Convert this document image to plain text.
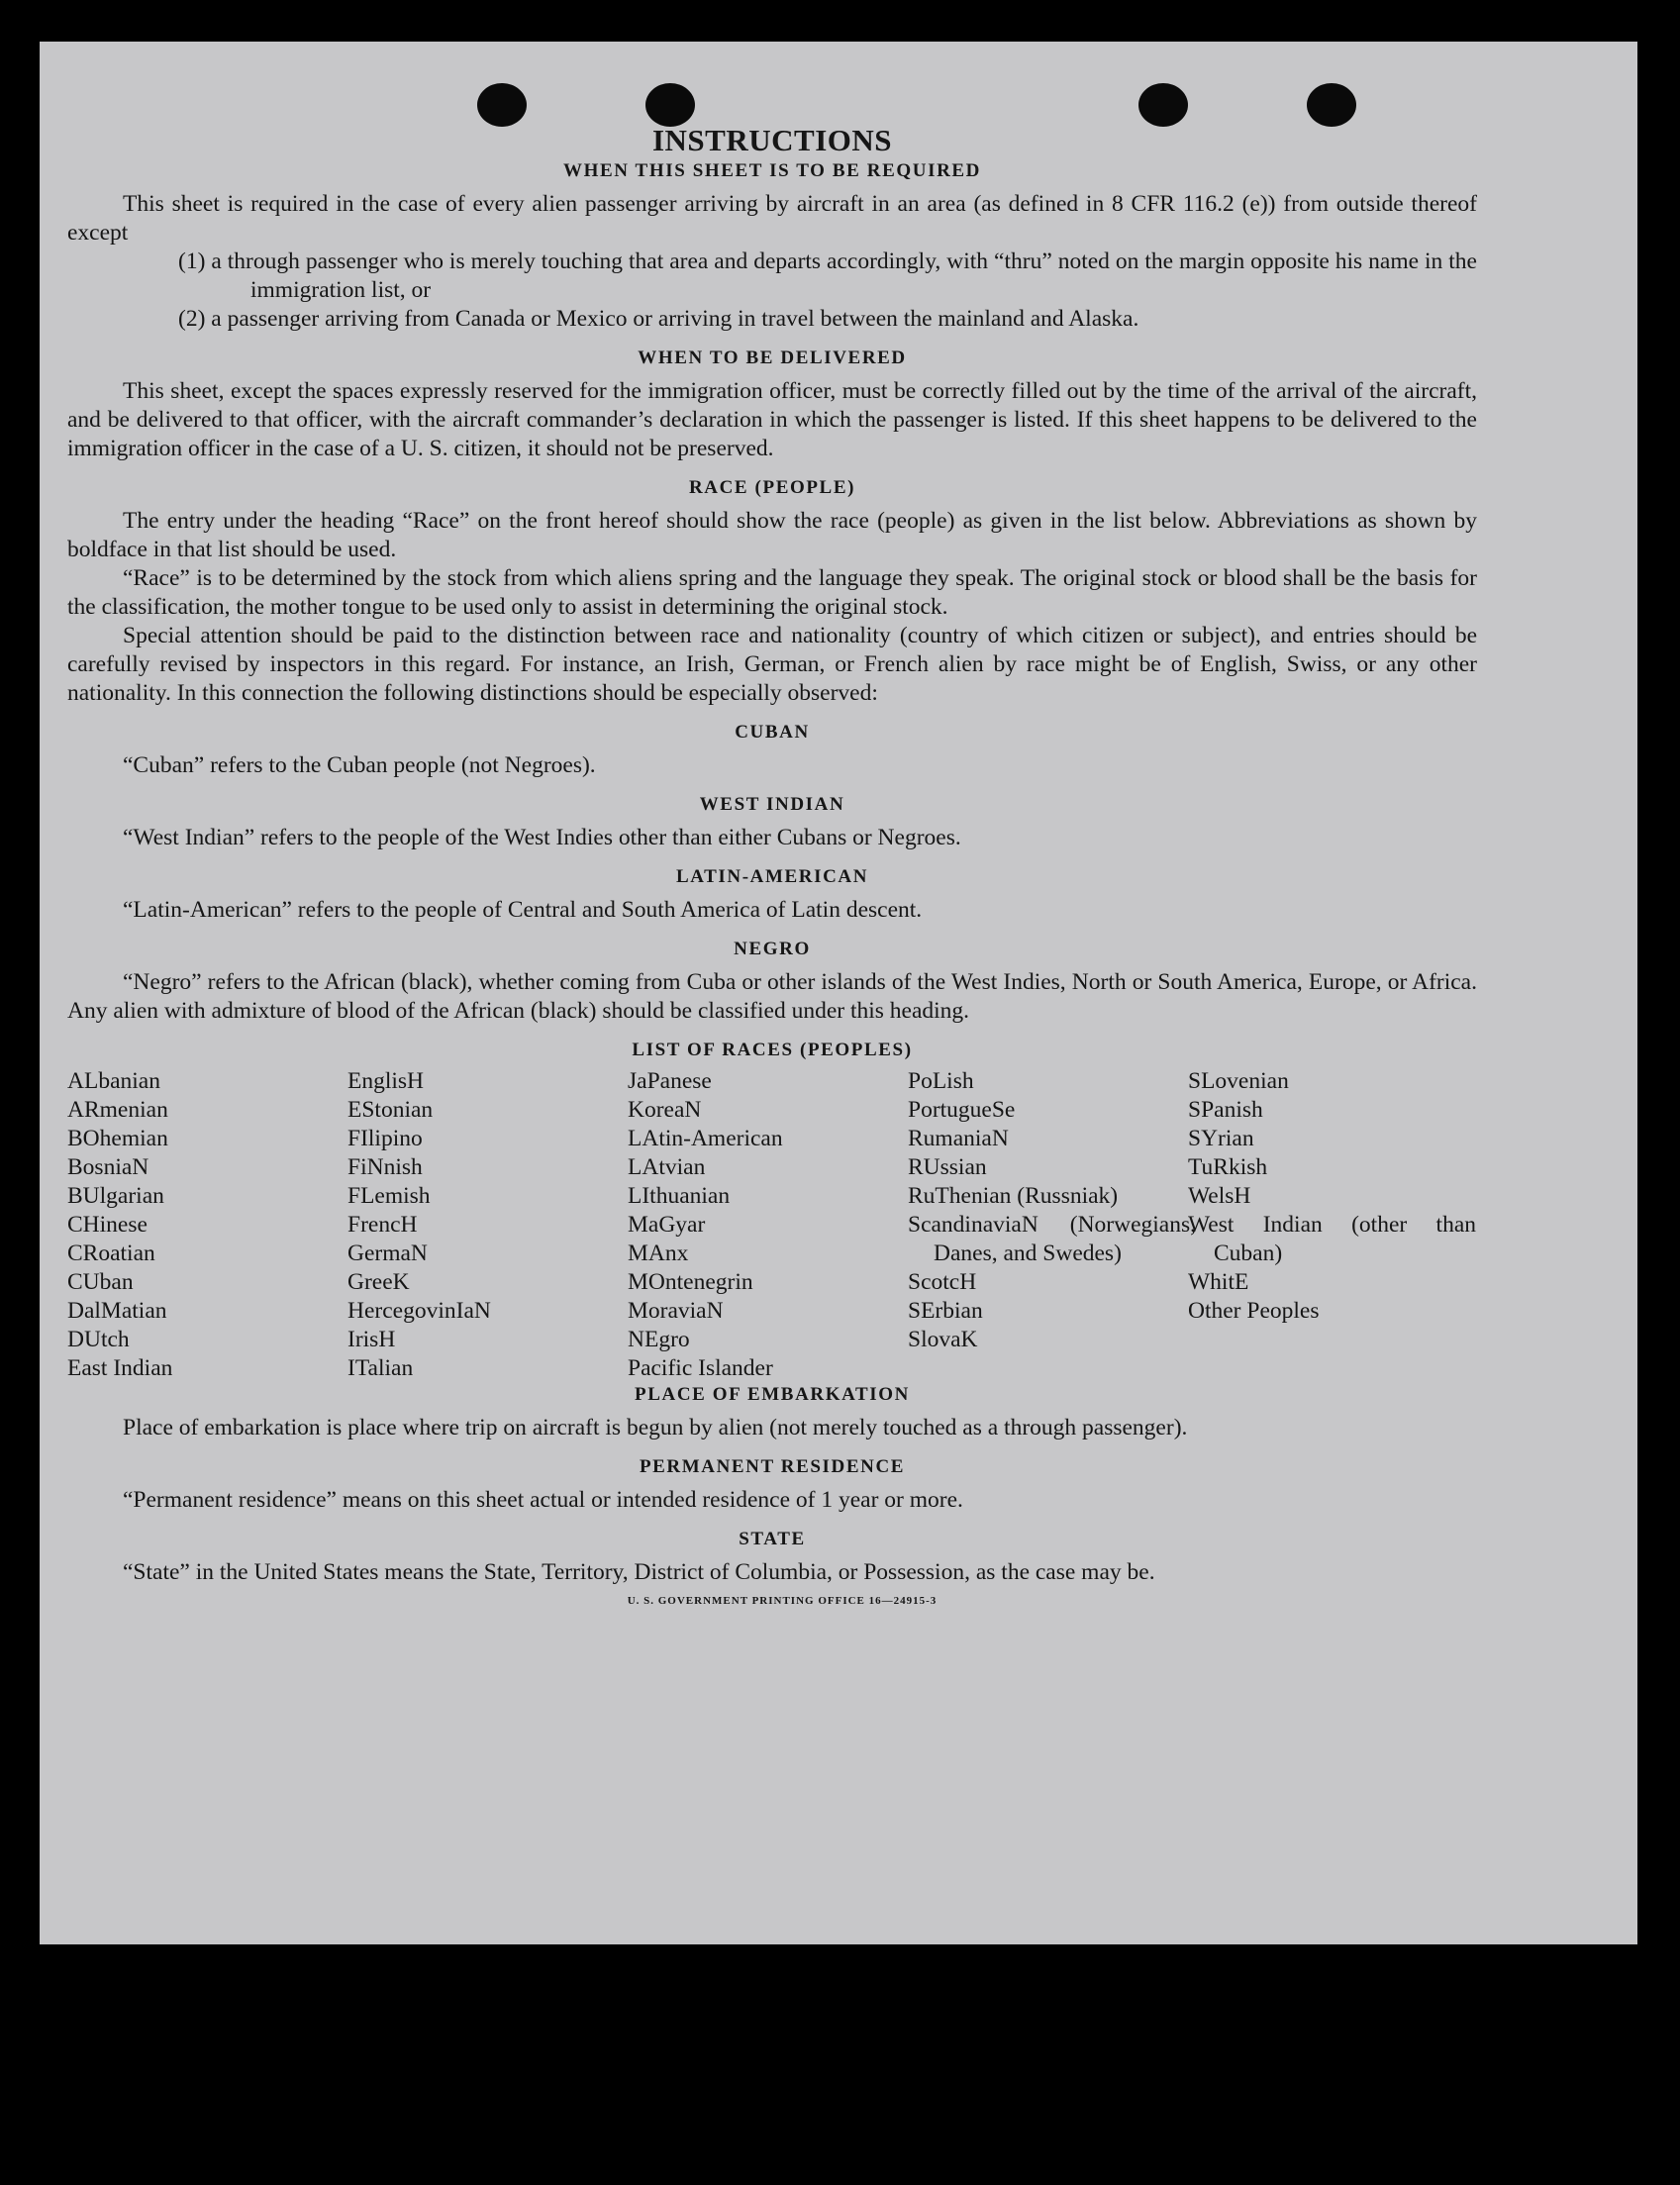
INSTRUCTIONS
WHEN THIS SHEET IS TO BE REQUIRED

This sheet is required in the case of every alien passenger arriving by aircraft in an area (as defined in 8 CFR 116.2 (e)) from outside thereof except

(1) a through passenger who is merely touching that area and departs accordingly, with “thru” noted on the margin opposite his name in the immigration list, or

(2) a passenger arriving from Canada or Mexico or arriving in travel between the mainland and Alaska.

WHEN TO BE DELIVERED

This sheet, except the spaces expressly reserved for the immigration officer, must be correctly filled out by the time of the arrival of the aircraft, and be delivered to that officer, with the aircraft commander’s declaration in which the passenger is listed. If this sheet happens to be delivered to the immigration officer in the case of a U. S. citizen, it should not be preserved.

RACE (PEOPLE)

The entry under the heading “Race” on the front hereof should show the race (people) as given in the list below. Abbreviations as shown by boldface in that list should be used.

“Race” is to be determined by the stock from which aliens spring and the language they speak. The original stock or blood shall be the basis for the classification, the mother tongue to be used only to assist in determining the original stock.

Special attention should be paid to the distinction between race and nationality (country of which citizen or subject), and entries should be carefully revised by inspectors in this regard. For instance, an Irish, German, or French alien by race might be of English, Swiss, or any other nationality. In this connection the following distinctions should be especially observed:

CUBAN

“Cuban” refers to the Cuban people (not Negroes).

WEST INDIAN

“West Indian” refers to the people of the West Indies other than either Cubans or Negroes.

LATIN-AMERICAN

“Latin-American” refers to the people of Central and South America of Latin descent.

NEGRO

“Negro” refers to the African (black), whether coming from Cuba or other islands of the West Indies, North or South America, Europe, or Africa. Any alien with admixture of blood of the African (black) should be classified under this heading.

LIST OF RACES (PEOPLES)
ALbanian
ARmenian
BOhemian
BosniaN
BUlgarian
CHinese
CRoatian
CUban
DalMatian
DUtch
East Indian
EnglisH
EStonian
FIlipino
FiNnish
FLemish
FrencH
GermaN
GreeK
HercegovinIaN
IrisH
ITalian
JaPanese
KoreaN
LAtin-American
LAtvian
LIthuanian
MaGyar
MAnx
MOntenegrin
MoraviaN
NEgro
Pacific Islander
PoLish
PortugueSe
RumaniaN
RUssian
RuThenian (Russniak)
ScandinaviaN (Norwegians, Danes, and Swedes)
ScotcH
SErbian
SlovaK
SLovenian
SPanish
SYrian
TuRkish
WelsH
West Indian (other than Cuban)
WhitE
Other Peoples
PLACE OF EMBARKATION

Place of embarkation is place where trip on aircraft is begun by alien (not merely touched as a through passenger).

PERMANENT RESIDENCE

“Permanent residence” means on this sheet actual or intended residence of 1 year or more.

STATE

“State” in the United States means the State, Territory, District of Columbia, or Possession, as the case may be.

U. S. GOVERNMENT PRINTING OFFICE 16—24915-3
